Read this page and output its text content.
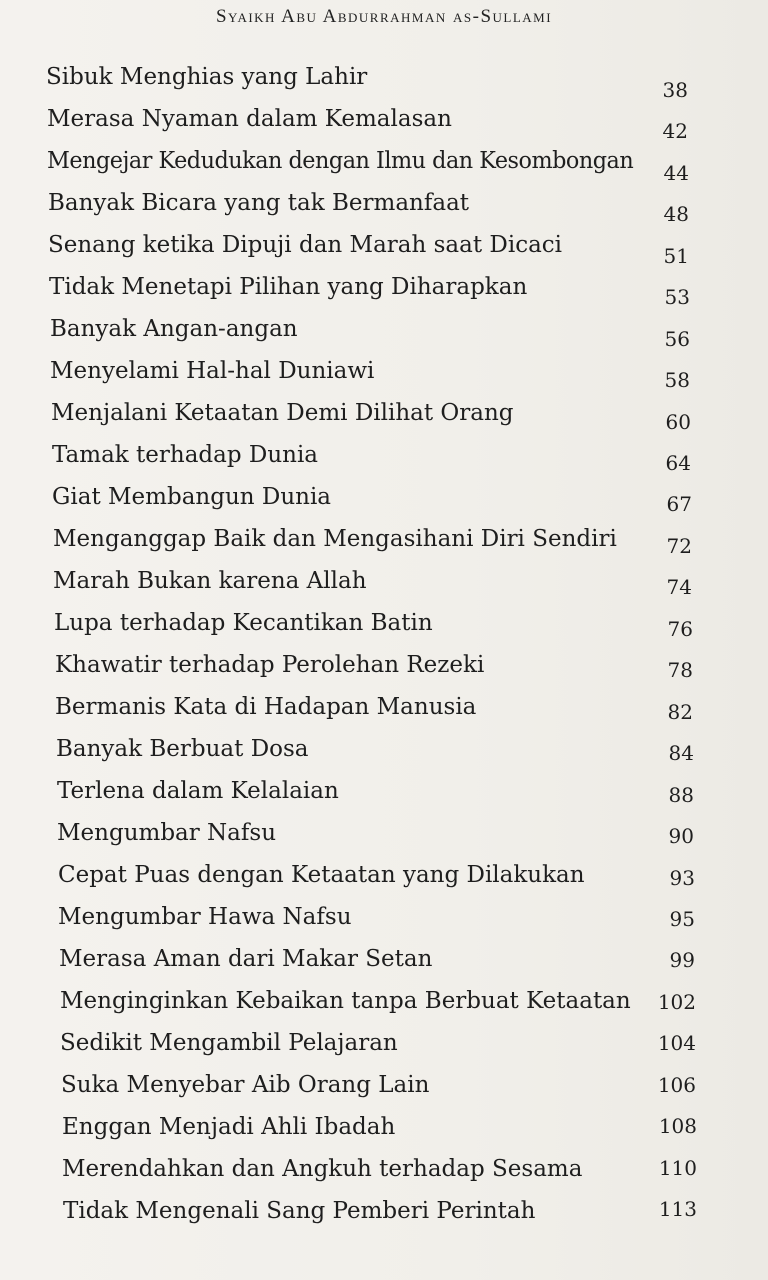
Syaikh Abu Abdurrahman as-Sullami
Sibuk Menghias yang Lahir	38
Merasa Nyaman dalam Kemalasan	42
Mengejar Kedudukan dengan Ilmu dan Kesombongan 44
Banyak Bicara yang tak Bermanfaat	48
Senang ketika Dipuji dan Marah saat Dicaci	51
Tidak Menetapi Pilihan yang Diharapkan	53
Banyak Angan-angan	56
Menyelami Hal-hal Duniawi	58
Menjalani Ketaatan Demi Dilihat Orang	60
Tamak terhadap Dunia	64
Giat Membangun Dunia	67
Menganggap Baik dan Mengasihani Diri Sendiri 72
Marah Bukan karena Allah	74
Lupa terhadap Kecantikan Batin	76
Khawatir terhadap Perolehan Rezeki	78
Bermanis Kata di Hadapan Manusia	82
Banyak Berbuat Dosa	84
Terlena dalam Kelalaian	88
Mengumbar Nafsu	90
Cepat Puas dengan Ketaatan yang Dilakukan	93
Mengumbar Hawa Nafsu	95
Merasa Aman dari Makar Setan	99
Menginginkan Kebaikan tanpa Berbuat Ketaatan 102
Sedikit Mengambil Pelajaran	104
Suka Menyebar Aib Orang Lain	106
Enggan Menjadi Ahli Ibadah	108
Merendahkan dan Angkuh terhadap Sesama	110
Tidak Mengenali Sang Pemberi Perintah	113
